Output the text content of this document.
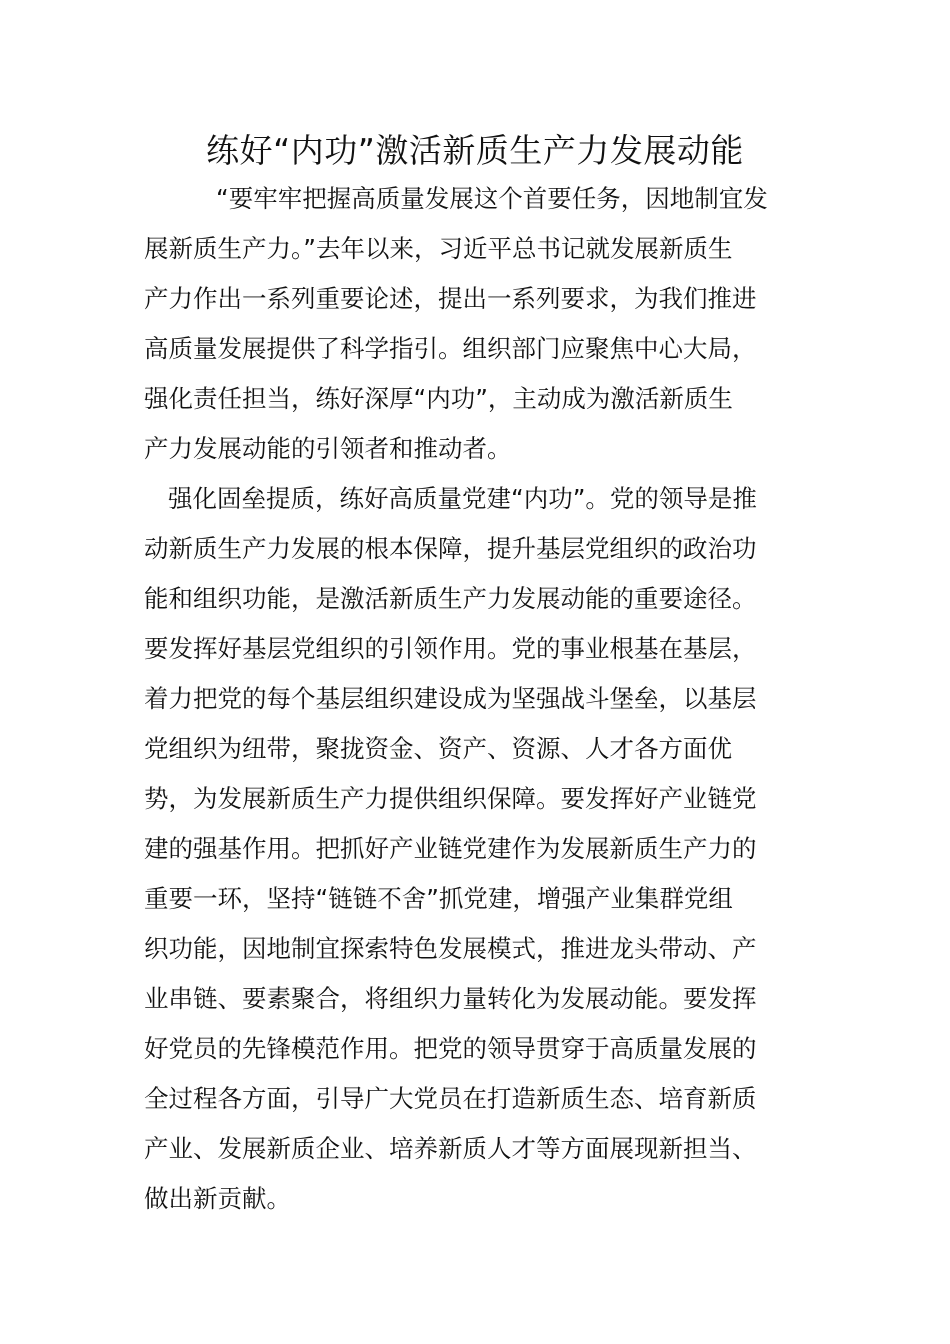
练好“内功”激活新质生产力发展动能
“要牢牢把握高质量发展这个首要任务，因地制宜发
展新质生产力。”去年以来，习近平总书记就发展新质生
产力作出一系列重要论述，提出一系列要求，为我们推进
高质量发展提供了科学指引。组织部门应聚焦中心大局，
强化责任担当，练好深厚“内功”，主动成为激活新质生
产力发展动能的引领者和推动者。
强化固垒提质，练好高质量党建“内功”。党的领导是推
动新质生产力发展的根本保障，提升基层党组织的政治功
能和组织功能，是激活新质生产力发展动能的重要途径。
要发挥好基层党组织的引领作用。党的事业根基在基层，
着力把党的每个基层组织建设成为坚强战斗堡垒，以基层
党组织为纽带，聚拢资金、资产、资源、人才各方面优
势，为发展新质生产力提供组织保障。要发挥好产业链党
建的强基作用。把抓好产业链党建作为发展新质生产力的
重要一环，坚持“链链不舍”抓党建，增强产业集群党组
织功能，因地制宜探索特色发展模式，推进龙头带动、产
业串链、要素聚合，将组织力量转化为发展动能。要发挥
好党员的先锋模范作用。把党的领导贯穿于高质量发展的
全过程各方面，引导广大党员在打造新质生态、培育新质
产业、发展新质企业、培养新质人才等方面展现新担当、
做出新贡献。
